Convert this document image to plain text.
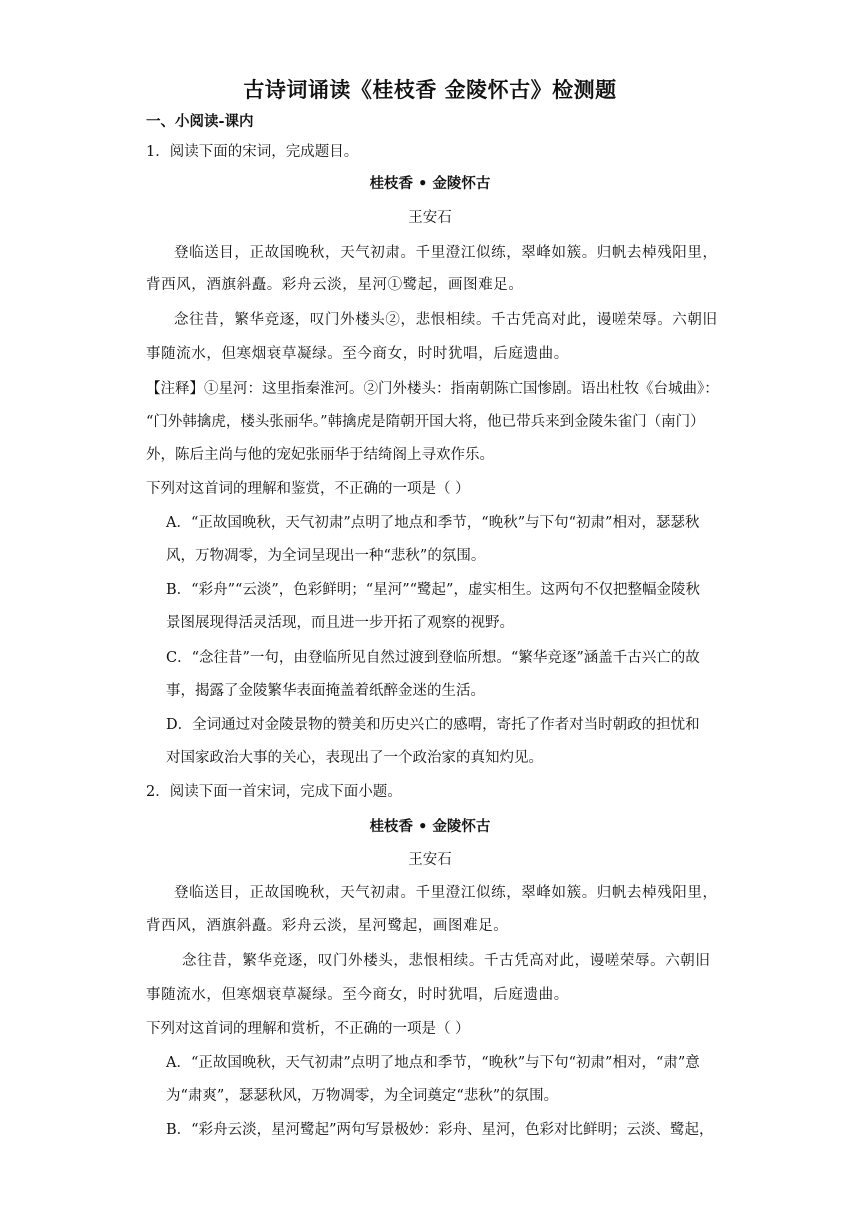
古诗词诵读《桂枝香 金陵怀古》检测题
一、小阅读-课内
1．阅读下面的宋词，完成题目。
桂枝香 • 金陵怀古
王安石
登临送目，正故国晚秋，天气初肃。千里澄江似练，翠峰如簇。归帆去棹残阳里，
背西风，酒旗斜矗。彩舟云淡，星河①鹭起，画图难足。
念往昔，繁华竞逐，叹门外楼头②，悲恨相续。千古凭高对此，谩嗟荣辱。六朝旧
事随流水，但寒烟衰草凝绿。至今商女，时时犹唱，后庭遗曲。
【注释】①星河：这里指秦淮河。②门外楼头：指南朝陈亡国惨剧。语出杜牧《台城曲》：
“门外韩擒虎，楼头张丽华。”韩擒虎是隋朝开国大将，他已带兵来到金陵朱雀门（南门）
外，陈后主尚与他的宠妃张丽华于结绮阁上寻欢作乐。
下列对这首词的理解和鉴赏，不正确的一项是（ ）
A．“正故国晚秋，天气初肃”点明了地点和季节，“晚秋”与下句“初肃”相对，瑟瑟秋
风，万物凋零，为全词呈现出一种“悲秋”的氛围。
B．“彩舟”“云淡”，色彩鲜明；“星河”“鹭起”，虚实相生。这两句不仅把整幅金陵秋
景图展现得活灵活现，而且进一步开拓了观察的视野。
C．“念往昔”一句，由登临所见自然过渡到登临所想。“繁华竞逐”涵盖千古兴亡的故
事，揭露了金陵繁华表面掩盖着纸醉金迷的生活。
D．全词通过对金陵景物的赞美和历史兴亡的感喟，寄托了作者对当时朝政的担忧和
对国家政治大事的关心，表现出了一个政治家的真知灼见。
2．阅读下面一首宋词，完成下面小题。
桂枝香 • 金陵怀古
王安石
登临送目，正故国晚秋，天气初肃。千里澄江似练，翠峰如簇。归帆去棹残阳里，
背西风，酒旗斜矗。彩舟云淡，星河鹭起，画图难足。
念往昔，繁华竞逐，叹门外楼头，悲恨相续。千古凭高对此，谩嗟荣辱。六朝旧
事随流水，但寒烟衰草凝绿。至今商女，时时犹唱，后庭遗曲。
下列对这首词的理解和赏析，不正确的一项是（ ）
A．“正故国晚秋，天气初肃”点明了地点和季节，“晚秋”与下句“初肃”相对，“肃”意
为“肃爽”，瑟瑟秋风，万物凋零，为全词奠定“悲秋”的氛围。
B．“彩舟云淡，星河鹭起”两句写景极妙：彩舟、星河，色彩对比鲜明；云淡、鹭起，
